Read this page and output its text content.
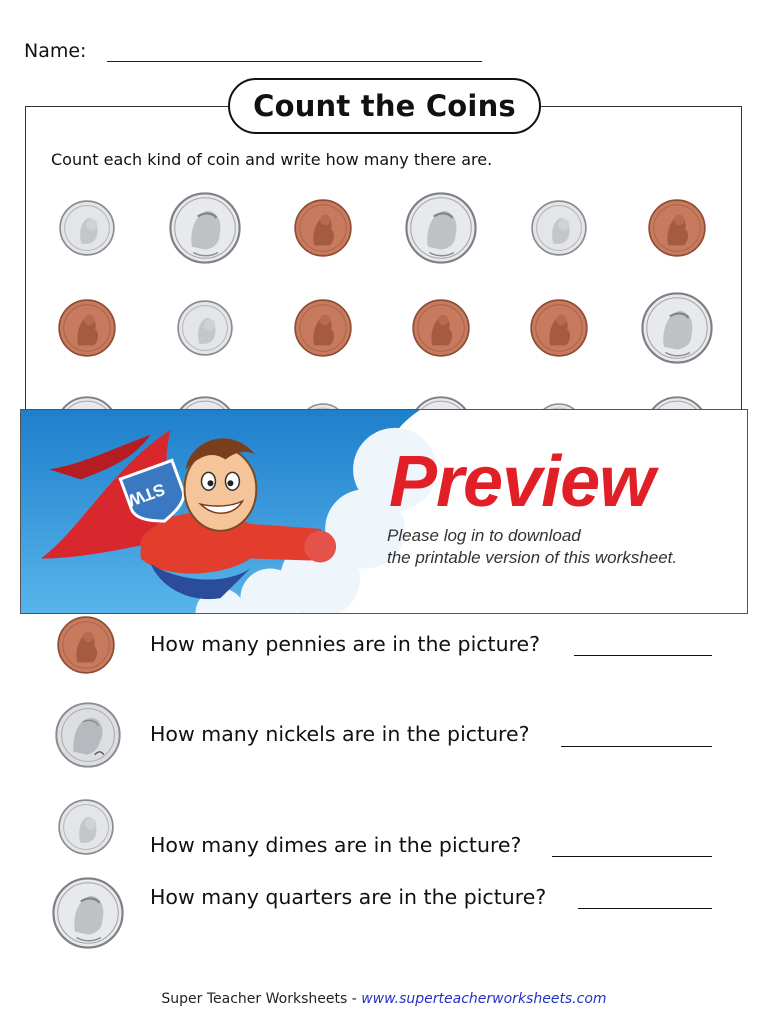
Name:
Count the Coins
Count each kind of coin and write how many there are.
STW	Preview
Please log in to download
the printable version of this worksheet.
How many pennies are in the picture?
How many nickels are in the picture?
How many dimes are in the picture?
How many quarters are in the picture?
Super Teacher Worksheets - www.superteacherworksheets.com
